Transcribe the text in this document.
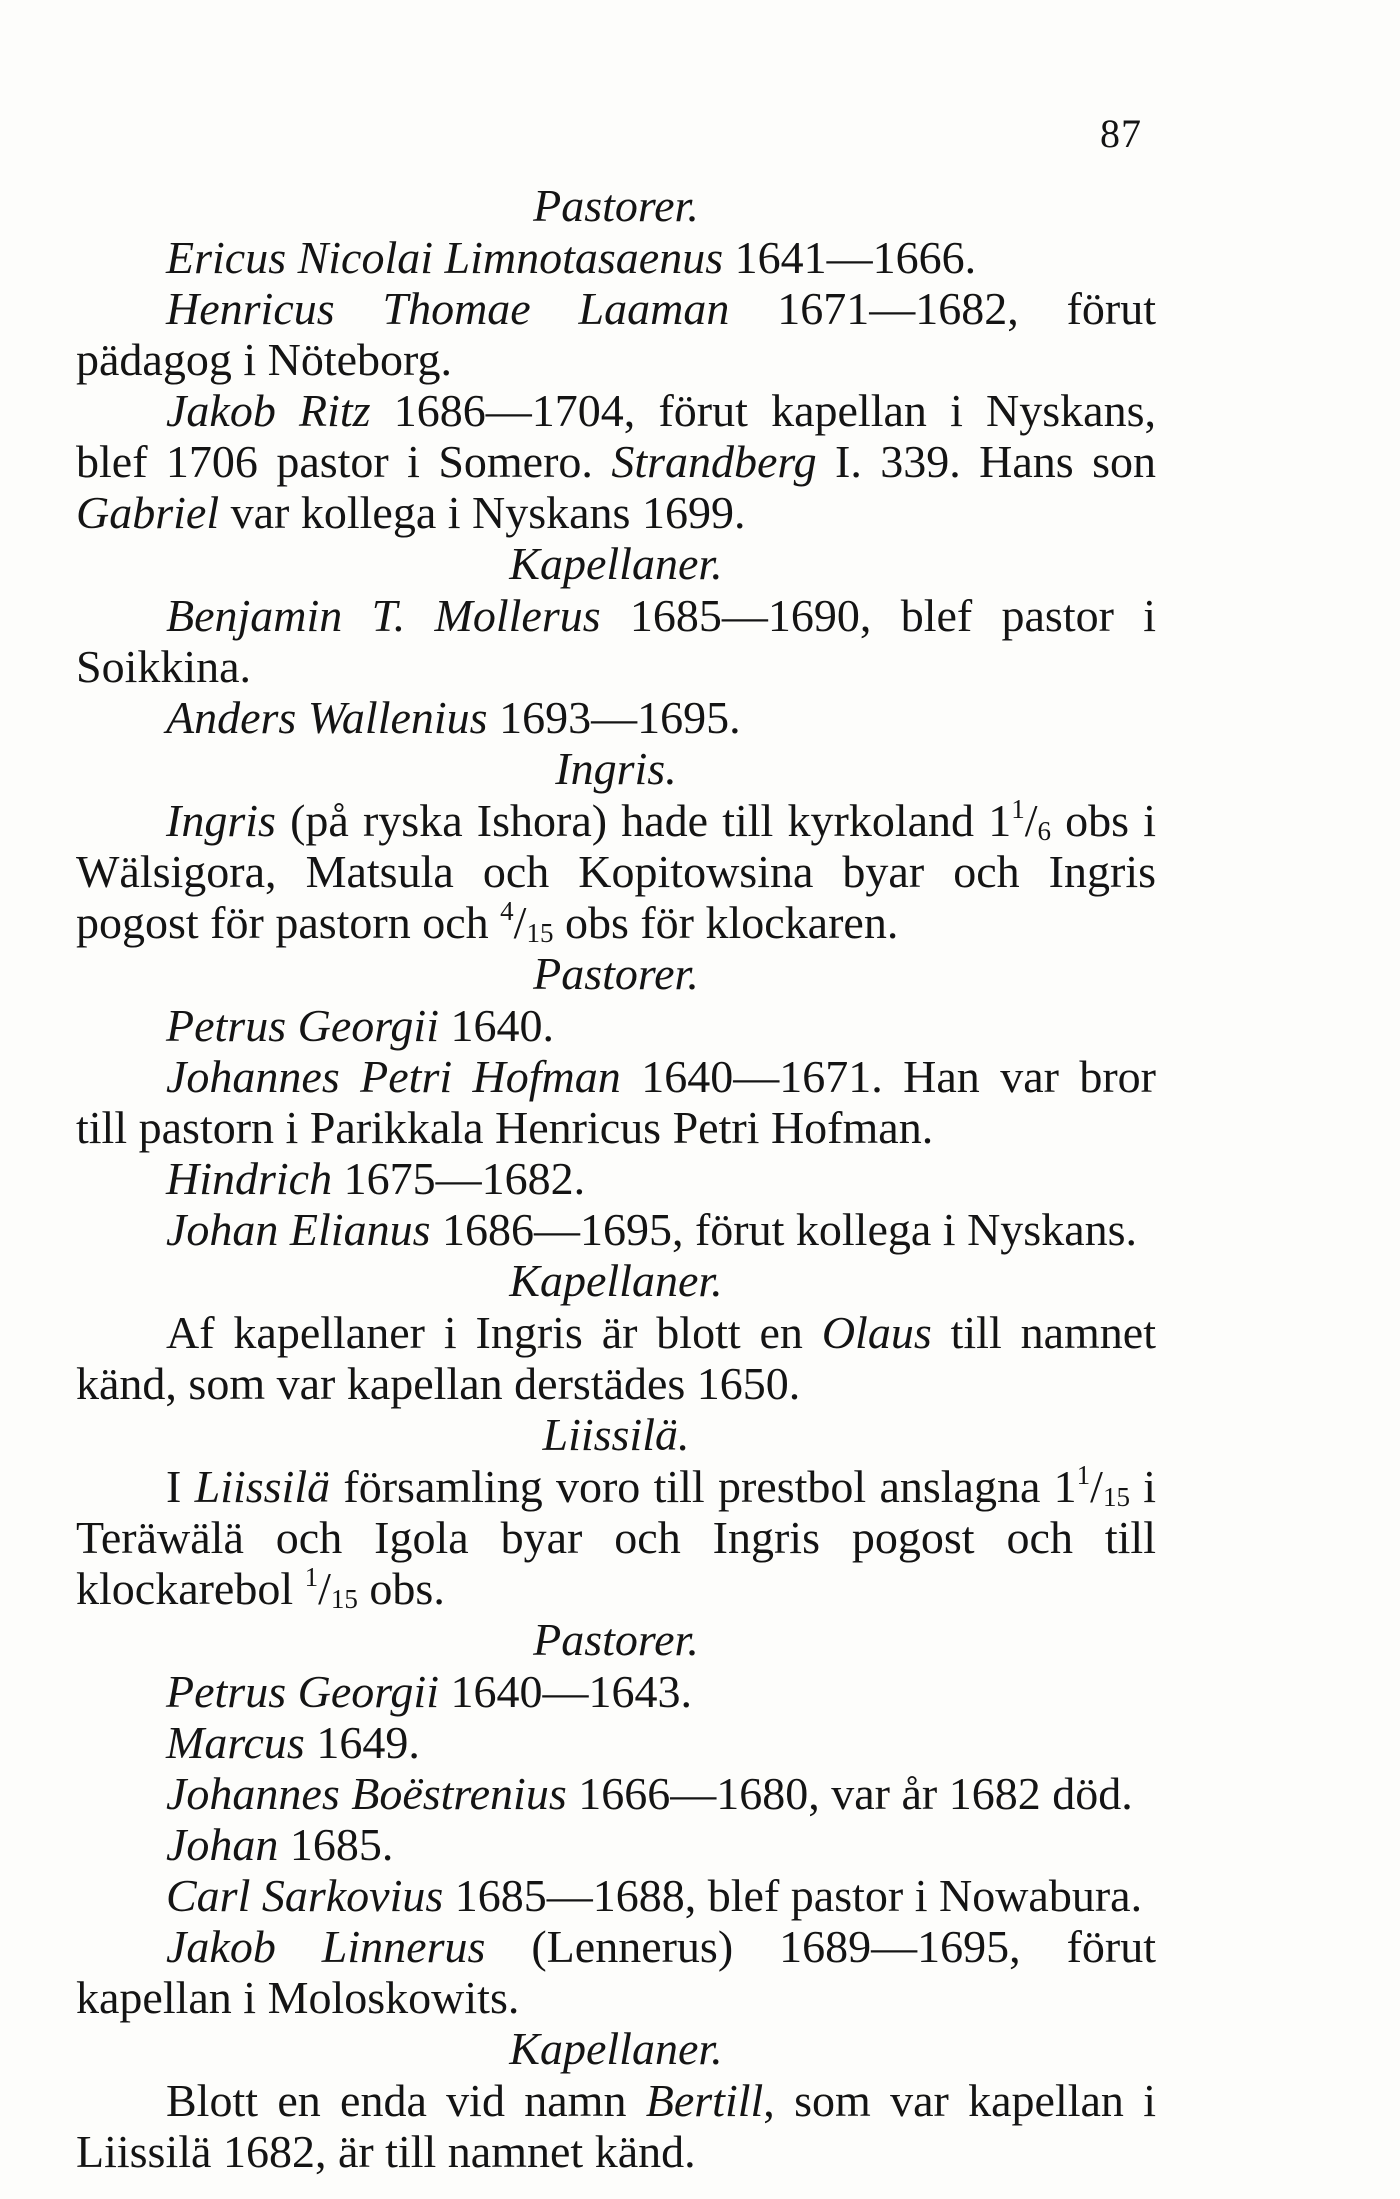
87
Pastorer.

Ericus Nicolai Limnotasaenus 1641—1666.

Henricus Thomae Laaman 1671—1682, förut pädagog i Nöteborg.

Jakob Ritz 1686—1704, förut kapellan i Nyskans, blef 1706 pastor i Somero. Strandberg I. 339. Hans son Gabriel var kollega i Nyskans 1699.

Kapellaner.

Benjamin T. Mollerus 1685—1690, blef pastor i Soikkina.

Anders Wallenius 1693—1695.

Ingris.

Ingris (på ryska Ishora) hade till kyrkoland $1^1/_6$ obs i Wälsigora, Matsula och Kopitowsina byar och Ingris pogost för pastorn och $^4/_{15}$ obs för klockaren.

Pastorer.

Petrus Georgii 1640.

Johannes Petri Hofman 1640—1671. Han var bror till pastorn i Parikkala Henricus Petri Hofman.

Hindrich 1675—1682.

Johan Elianus 1686—1695, förut kollega i Nyskans.

Kapellaner.

Af kapellaner i Ingris är blott en Olaus till namnet känd, som var kapellan derstädes 1650.

Liissilä.

I Liissilä församling voro till prestbol anslagna $1^1/_{15}$ i Teräwälä och Igola byar och Ingris pogost och till klockarebol $^1/_{15}$ obs.

Pastorer.

Petrus Georgii 1640—1643.

Marcus 1649.

Johannes Boëstrenius 1666—1680, var år 1682 död.

Johan 1685.

Carl Sarkovius 1685—1688, blef pastor i Nowabura.

Jakob Linnerus (Lennerus) 1689—1695, förut kapellan i Moloskowits.

Kapellaner.

Blott en enda vid namn Bertill, som var kapellan i Liissilä 1682, är till namnet känd.
